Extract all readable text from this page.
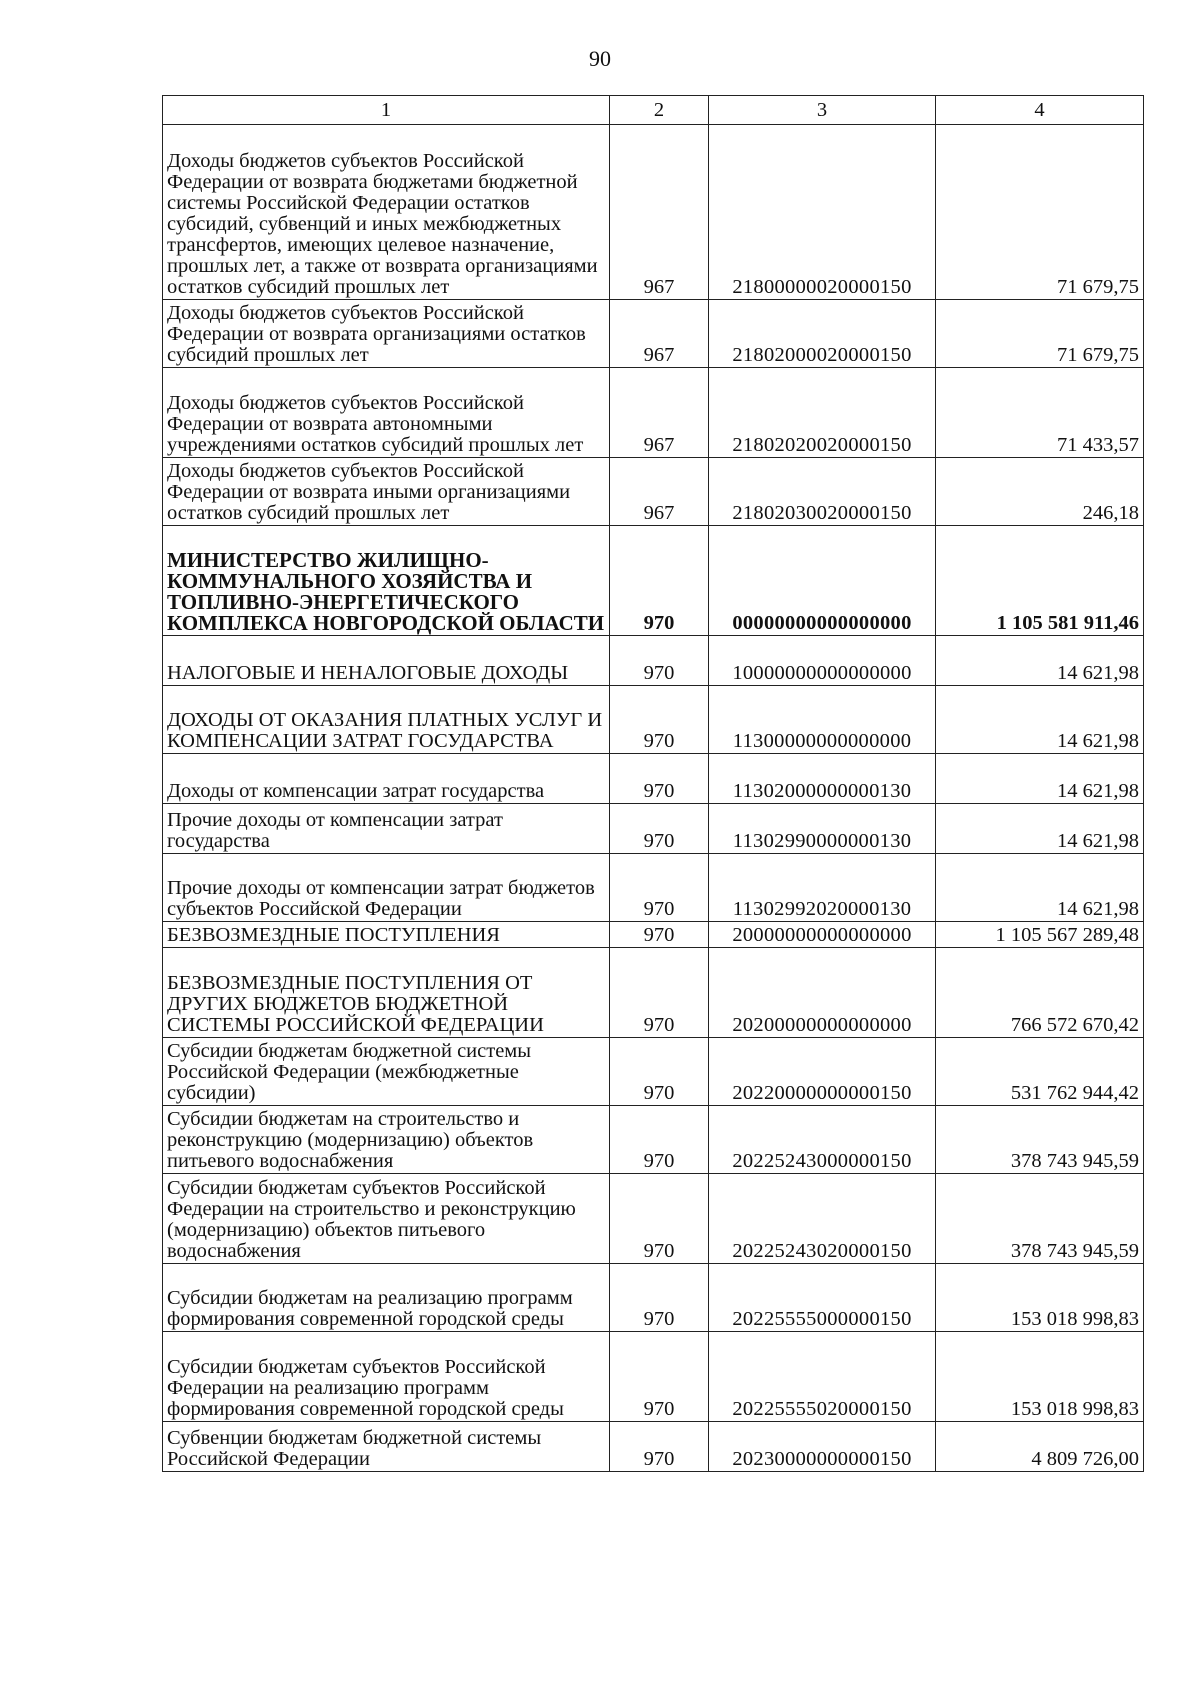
90
1	2	3	4
Доходы бюджетов субъектов Российской Федерации от возврата бюджетами бюджетной системы Российской Федерации остатков субсидий, субвенций и иных межбюджетных трансфертов, имеющих целевое назначение, прошлых лет, а также от возврата организациями остатков субсидий прошлых лет	967	21800000020000150	71 679,75
Доходы бюджетов субъектов Российской Федерации от возврата организациями остатков субсидий прошлых лет	967	21802000020000150	71 679,75
Доходы бюджетов субъектов Российской Федерации от возврата автономными учреждениями остатков субсидий прошлых лет	967	21802020020000150	71 433,57
Доходы бюджетов субъектов Российской Федерации от возврата иными организациями остатков субсидий прошлых лет	967	21802030020000150	246,18
МИНИСТЕРСТВО ЖИЛИЩНО-КОММУНАЛЬНОГО ХОЗЯЙСТВА И ТОПЛИВНО-ЭНЕРГЕТИЧЕСКОГО КОМПЛЕКСА НОВГОРОДСКОЙ ОБЛАСТИ	970	00000000000000000	1 105 581 911,46
НАЛОГОВЫЕ И НЕНАЛОГОВЫЕ ДОХОДЫ	970	10000000000000000	14 621,98
ДОХОДЫ ОТ ОКАЗАНИЯ ПЛАТНЫХ УСЛУГ И КОМПЕНСАЦИИ ЗАТРАТ ГОСУДАРСТВА	970	11300000000000000	14 621,98
Доходы от компенсации затрат государства	970	11302000000000130	14 621,98
Прочие доходы от компенсации затрат государства	970	11302990000000130	14 621,98
Прочие доходы от компенсации затрат бюджетов субъектов Российской Федерации	970	11302992020000130	14 621,98
БЕЗВОЗМЕЗДНЫЕ ПОСТУПЛЕНИЯ	970	20000000000000000	1 105 567 289,48
БЕЗВОЗМЕЗДНЫЕ ПОСТУПЛЕНИЯ ОТ ДРУГИХ БЮДЖЕТОВ БЮДЖЕТНОЙ СИСТЕМЫ РОССИЙСКОЙ ФЕДЕРАЦИИ	970	20200000000000000	766 572 670,42
Субсидии бюджетам бюджетной системы Российской Федерации (межбюджетные субсидии)	970	20220000000000150	531 762 944,42
Субсидии бюджетам на строительство и реконструкцию (модернизацию) объектов питьевого водоснабжения	970	20225243000000150	378 743 945,59
Субсидии бюджетам субъектов Российской Федерации на строительство и реконструкцию (модернизацию) объектов питьевого водоснабжения	970	20225243020000150	378 743 945,59
Субсидии бюджетам на реализацию программ формирования современной городской среды	970	20225555000000150	153 018 998,83
Субсидии бюджетам субъектов Российской Федерации на реализацию программ формирования современной городской среды	970	20225555020000150	153 018 998,83
Субвенции бюджетам бюджетной системы Российской Федерации	970	20230000000000150	4 809 726,00
